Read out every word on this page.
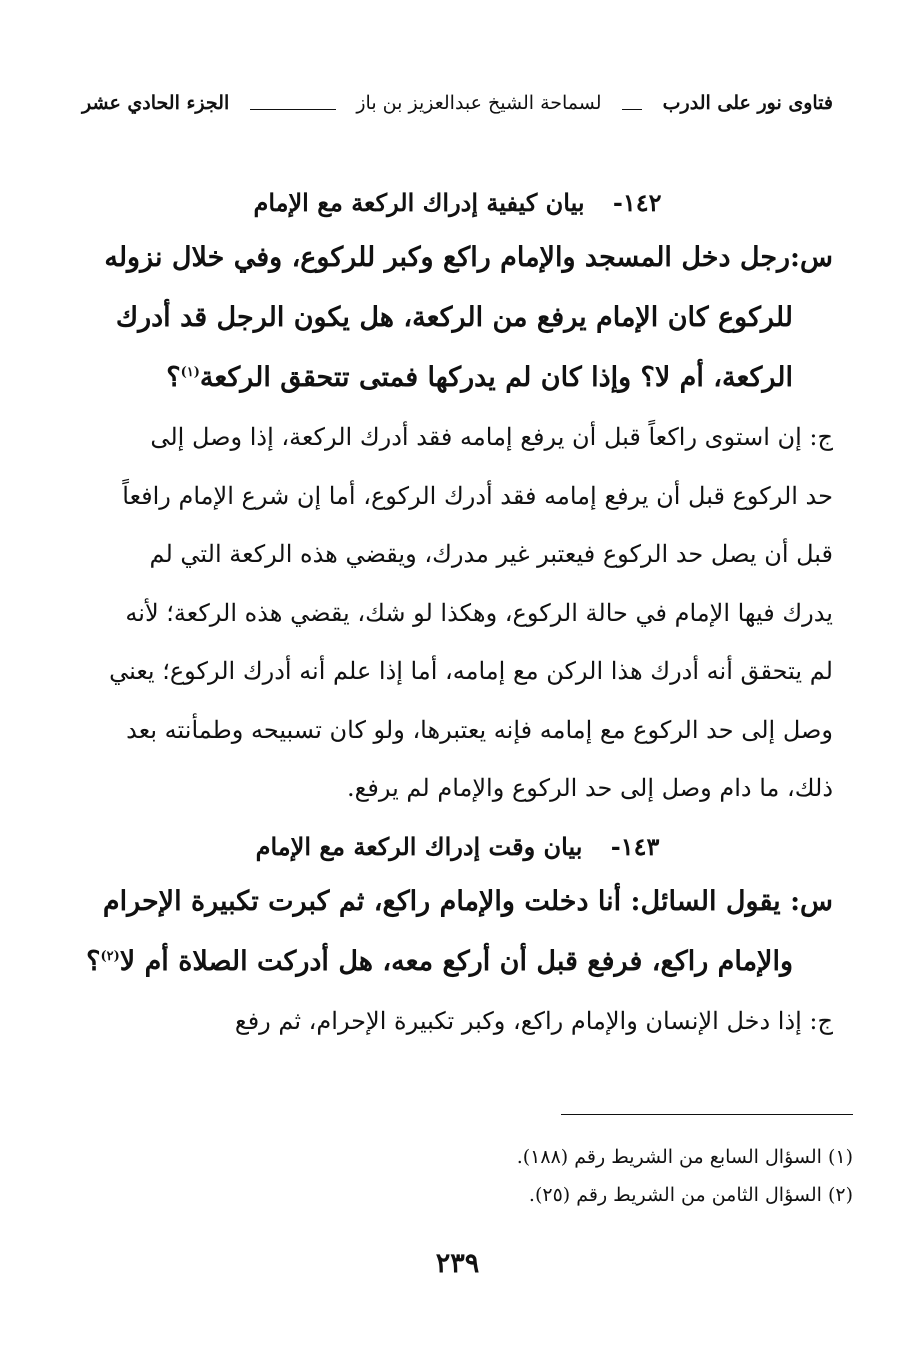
فتاوى نور على الدرب
لسماحة الشيخ عبدالعزيز بن باز
الجزء الحادي عشر
١٤٢- بيان كيفية إدراك الركعة مع الإمام
س:رجل دخل المسجد والإمام راكع وكبر للركوع، وفي خلال نزوله
للركوع كان الإمام يرفع من الركعة، هل يكون الرجل قد أدرك
الركعة، أم لا؟ وإذا كان لم يدركها فمتى تتحقق الركعة$^{(١)}$؟
ج: إن استوى راكعاً قبل أن يرفع إمامه فقد أدرك الركعة، إذا وصل إلى
حد الركوع قبل أن يرفع إمامه فقد أدرك الركوع، أما إن شرع الإمام رافعاً
قبل أن يصل حد الركوع فيعتبر غير مدرك، ويقضي هذه الركعة التي لم
يدرك فيها الإمام في حالة الركوع، وهكذا لو شك، يقضي هذه الركعة؛ لأنه
لم يتحقق أنه أدرك هذا الركن مع إمامه، أما إذا علم أنه أدرك الركوع؛ يعني
وصل إلى حد الركوع مع إمامه فإنه يعتبرها، ولو كان تسبيحه وطمأنته بعد
ذلك، ما دام وصل إلى حد الركوع والإمام لم يرفع.
١٤٣- بيان وقت إدراك الركعة مع الإمام
س: يقول السائل: أنا دخلت والإمام راكع، ثم كبرت تكبيرة الإحرام
والإمام راكع، فرفع قبل أن أركع معه، هل أدركت الصلاة أم لا$^{(٢)}$؟
ج: إذا دخل الإنسان والإمام راكع، وكبر تكبيرة الإحرام، ثم رفع
(١) السؤال السابع من الشريط رقم (١٨٨).
(٢) السؤال الثامن من الشريط رقم (٢٥).
٢٣٩
